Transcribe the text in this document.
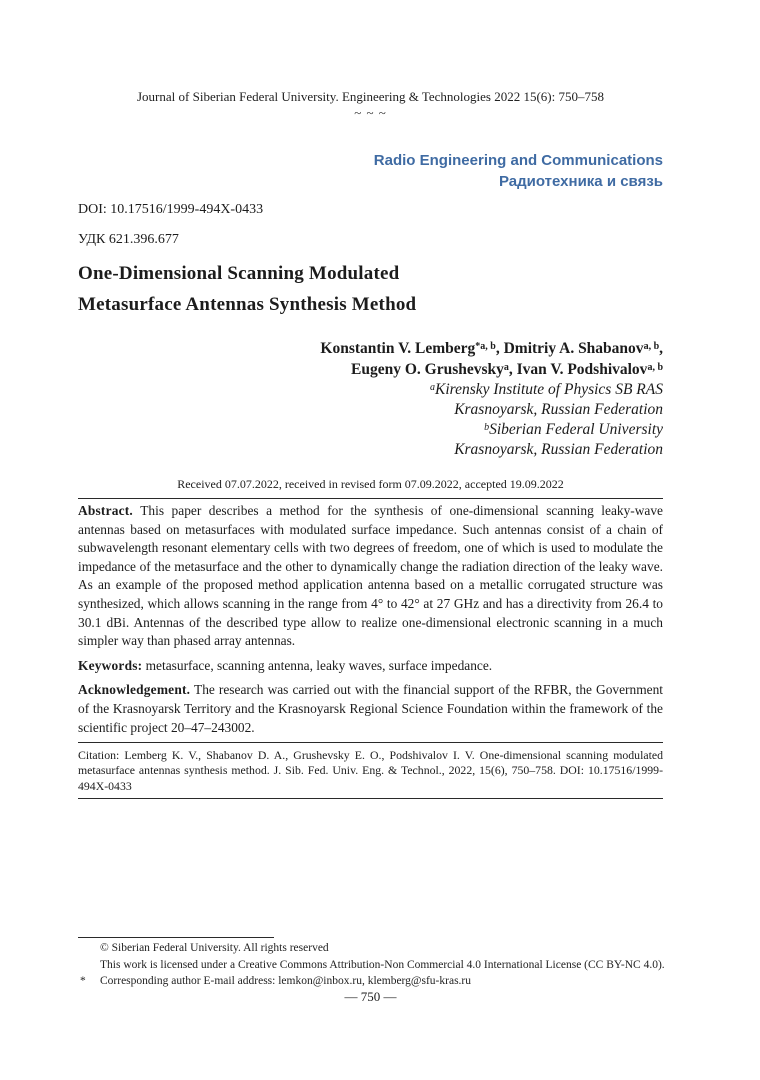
Journal of Siberian Federal University. Engineering & Technologies 2022 15(6): 750–758
~ ~ ~
Radio Engineering and Communications
Радиотехника и связь
DOI: 10.17516/1999-494X-0433
УДК 621.396.677
One-Dimensional Scanning Modulated
Metasurface Antennas Synthesis Method
Konstantin V. Lemberg$^{*a, b}$, Dmitriy A. Shabanov$^{a, b}$,
Eugeny O. Grushevsky$^a$, Ivan V. Podshivalov$^{a, b}$
$^a$Kirensky Institute of Physics SB RAS
Krasnoyarsk, Russian Federation
$^b$Siberian Federal University
Krasnoyarsk, Russian Federation
Received 07.07.2022, received in revised form 07.09.2022, accepted 19.09.2022

Abstract. This paper describes a method for the synthesis of one-dimensional scanning leaky-wave antennas based on metasurfaces with modulated surface impedance. Such antennas consist of a chain of subwavelength resonant elementary cells with two degrees of freedom, one of which is used to modulate the impedance of the metasurface and the other to dynamically change the radiation direction of the leaky wave. As an example of the proposed method application antenna based on a metallic corrugated structure was synthesized, which allows scanning in the range from 4° to 42° at 27 GHz and has a directivity from 26.4 to 30.1 dBi. Antennas of the described type allow to realize one-dimensional electronic scanning in a much simpler way than phased array antennas.

Keywords: metasurface, scanning antenna, leaky waves, surface impedance.

Acknowledgement. The research was carried out with the financial support of the RFBR, the Government of the Krasnoyarsk Territory and the Krasnoyarsk Regional Science Foundation within the framework of the scientific project 20–47–243002.

Citation: Lemberg K. V., Shabanov D. A., Grushevsky E. O., Podshivalov I. V. One-dimensional scanning modulated metasurface antennas synthesis method. J. Sib. Fed. Univ. Eng. & Technol., 2022, 15(6), 750–758. DOI: 10.17516/1999-494X-0433

© Siberian Federal University. All rights reserved
This work is licensed under a Creative Commons Attribution-Non Commercial 4.0 International License (CC BY-NC 4.0).
* Corresponding author E-mail address: lemkon@inbox.ru, klemberg@sfu-kras.ru
— 750 —
